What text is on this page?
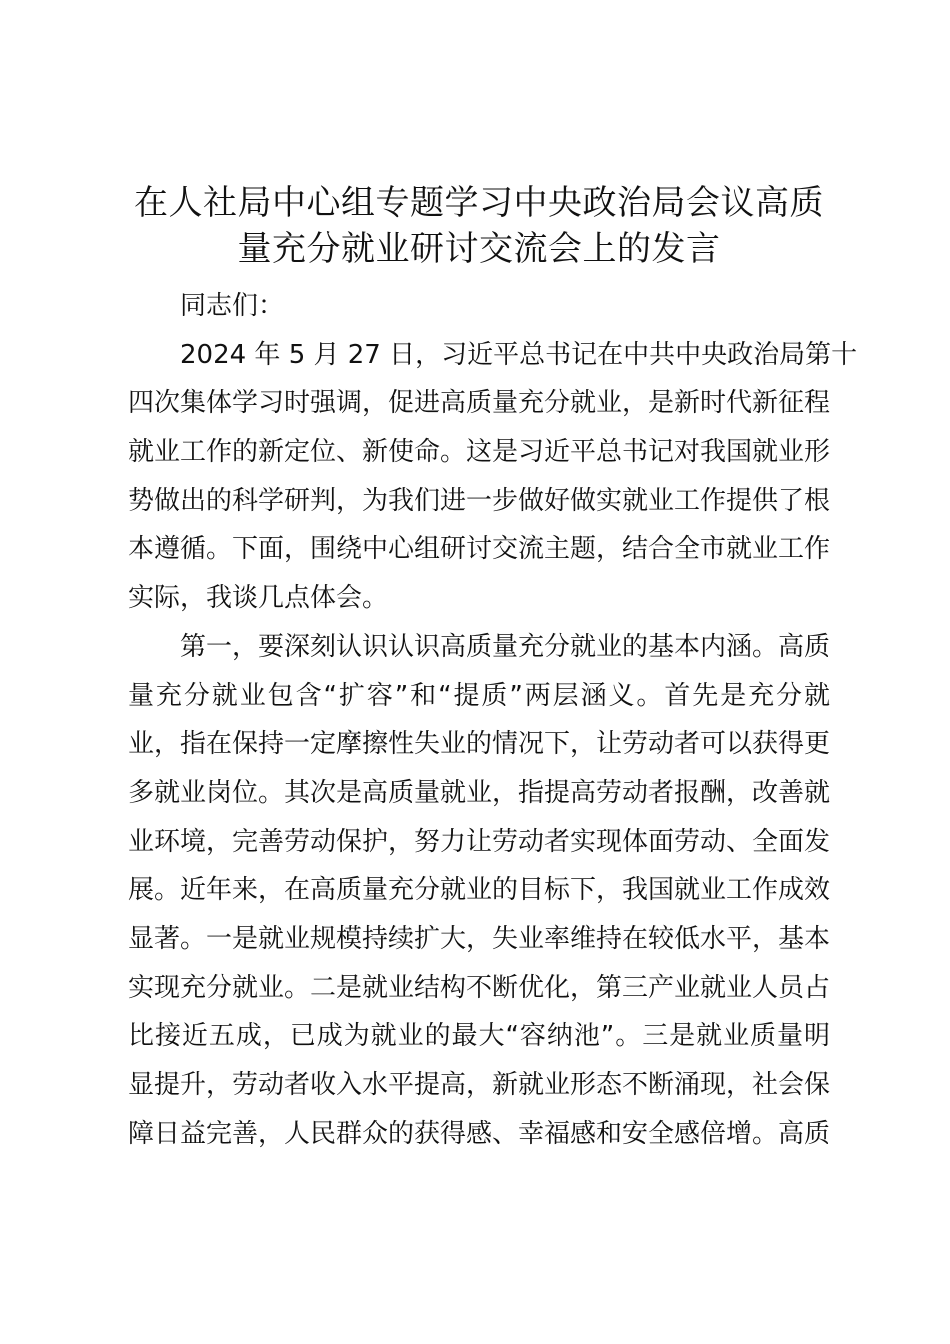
在人社局中心组专题学习中央政治局会议高质
量充分就业研讨交流会上的发言
同志们：
2024 年 5 月 27 日，习近平总书记在中共中央政治局第十
四次集体学习时强调，促进高质量充分就业，是新时代新征程
就业工作的新定位、新使命。这是习近平总书记对我国就业形
势做出的科学研判，为我们进一步做好做实就业工作提供了根
本遵循。下面，围绕中心组研讨交流主题，结合全市就业工作
实际，我谈几点体会。
第一，要深刻认识认识高质量充分就业的基本内涵。高质
量充分就业包含“扩容”和“提质”两层涵义。首先是充分就
业，指在保持一定摩擦性失业的情况下，让劳动者可以获得更
多就业岗位。其次是高质量就业，指提高劳动者报酬，改善就
业环境，完善劳动保护，努力让劳动者实现体面劳动、全面发
展。近年来，在高质量充分就业的目标下，我国就业工作成效
显著。一是就业规模持续扩大，失业率维持在较低水平，基本
实现充分就业。二是就业结构不断优化，第三产业就业人员占
比接近五成，已成为就业的最大“容纳池”。三是就业质量明
显提升，劳动者收入水平提高，新就业形态不断涌现，社会保
障日益完善，人民群众的获得感、幸福感和安全感倍增。高质
